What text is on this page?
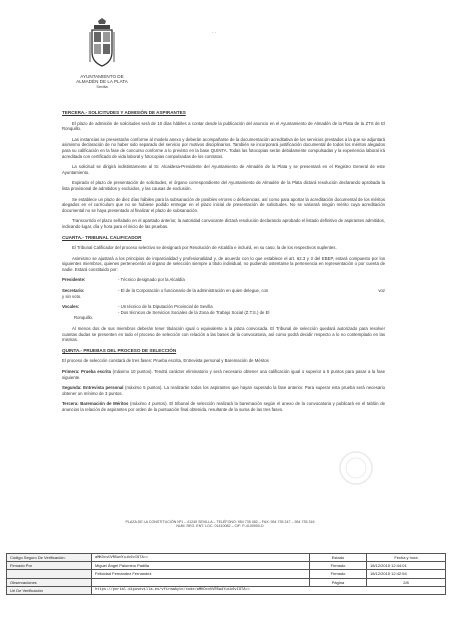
AYUNTAMIENTO DE
ALMADÉN DE LA PLATA
Sevilla
· ·
TERCERA.- SOLICITUDES Y ADMISIÓN DE ASPIRANTES

El plazo de admisión de solicitudes será de 10 días hábiles a contar desde la publicación del anuncio en el Ayuntamiento de Almadén de la Plata de la ZTS de El Ronquillo.

Las instancias se presentarán conforme al modelo anexo y deberán acompañarse de la documentación acreditativa de los servicios prestados a la que se adjuntará asimismo declaración de no haber sido separado del servicio por motivos disciplinarios. También se incorporará justificación documental de todos los méritos alegados para su calificación en la fase de concurso conforme a lo previsto en la base QUINTA. Todas las fotocopias serán debidamente compulsadas y la experiencia laboral irá acreditada con certificado de vida laboral y fotocopias compulsadas de los contratos.

La solicitud se dirigirá indistintamente al Sr. Alcaldesa-Presidente del Ayuntamiento de Almadén de la Plata y se presentará en el Registro General de este Ayuntamiento.

Expirado el plazo de presentación de solicitudes, el órgano correspondiente del Ayuntamiento de Almadén de la Plata dictará resolución declarando aprobada la lista provisional de admitidos y excluidos, y las causas de exclusión.

Se establece un plazo de diez días hábiles para la subsanación de posibles errores o deficiencias, así como para aportar la acreditación documental de los méritos alegados en el currículum que no se hubiese podido entregar en el plazo inicial de presentación de solicitudes. No se valorará ningún mérito cuya acreditación documental no se haya presentado al finalizar el plazo de subsanación.

Transcurrido el plazo señalado en el apartado anterior, la autoridad convocante dictará resolución declarando aprobado el listado definitivo de aspirantes admitidos, indicando lugar, día y hora para el inicio de las pruebas.

CUARTA.- TRIBUNAL CALIFICADOR

El Tribunal Calificador del proceso selectivo se designará por Resolución de Alcaldía e incluirá, en su caso, la de los respectivos suplentes.

Asimismo se ajustará a los principios de imparcialidad y profesionalidad y, de acuerdo con lo que establece el art. 62.3 y 3 del EBEP, estará compuesto por los siguientes miembros, quienes pertenecerán al órgano de selección siempre a título individual, no pudiendo ostentarse la pertenencia en representación o por cuenta de nadie. Estará constituido por:

Presidente:	- Técnico designado por la Alcaldía
Secretario:	- El de la Corporación o funcionario de la administración en quien delegue, con	voz

y sin voto.

Vocales:	- Un técnico de la Diputación Provincial de Sevilla
- Dos técnicos de Servicios Sociales de la Zona de Trabajo Social (Z.T.S.) de El

Ronquillo.

Al menos dos de sus miembros deberán tener titulación igual o equivalente a la plaza convocada. El Tribunal de selección quedará autorizado para resolver cuantas dudas se presenten en todo el proceso de selección con relación a las bases de la convocatoria, así como podrá decidir respecto a lo no contemplado en las mismas.

QUINTA.- PRUEBAS DEL PROCESO DE SELECCIÓN

El proceso de selección constará de tres fases: Prueba escrita, Entrevista personal y Baremación de Méritos

Primera: Prueba escrita (máximo 10 puntos). Tendrá carácter eliminatorio y será necesario obtener una calificación igual o superior a 5 puntos para pasar a la fase siguiente.

Segunda: Entrevista personal (máximo 5 puntos). La realizarán todos los aspirantes que hayan superado la fase anterior. Para superar esta prueba será necesario obtener un mínimo de 3 puntos.

Tercera: Baremación de Méritos (máximo 4 puntos). El tribunal de selección realizará la baremación según el anexo de la convocatoria y publicará en el tablón de anuncios la relación de aspirantes por orden de la puntuación final obtenida, resultante de la suma de las tres fases.

PLAZA DE LA CONSTITUCIÓN Nº1 – 41240 SEVILLA – TELÉFONO: 954 735 082 – FAX: 954 735 247 – 954 735 316
NUM. REG. ENT. LOC. 01410082 – CIF: P-4100900-D
Código Seguro De Verificación:	aMKOcvUVR5wdYuik6vI9TA==	Estado	Fecha y hora
Firmado Por	Miguel Ángel Palomino Padilla	Firmado	18/12/2015 12:44:01
	Felicidad Fernandez Fernandez	Firmado	18/12/2015 12:42:54
Observaciones		Página	2/8
Url De Verificación	https://portal.dipusevilla.es/vfirmaAyto/code/aMKOcvUVR5wdYuik6vI9TA==		
